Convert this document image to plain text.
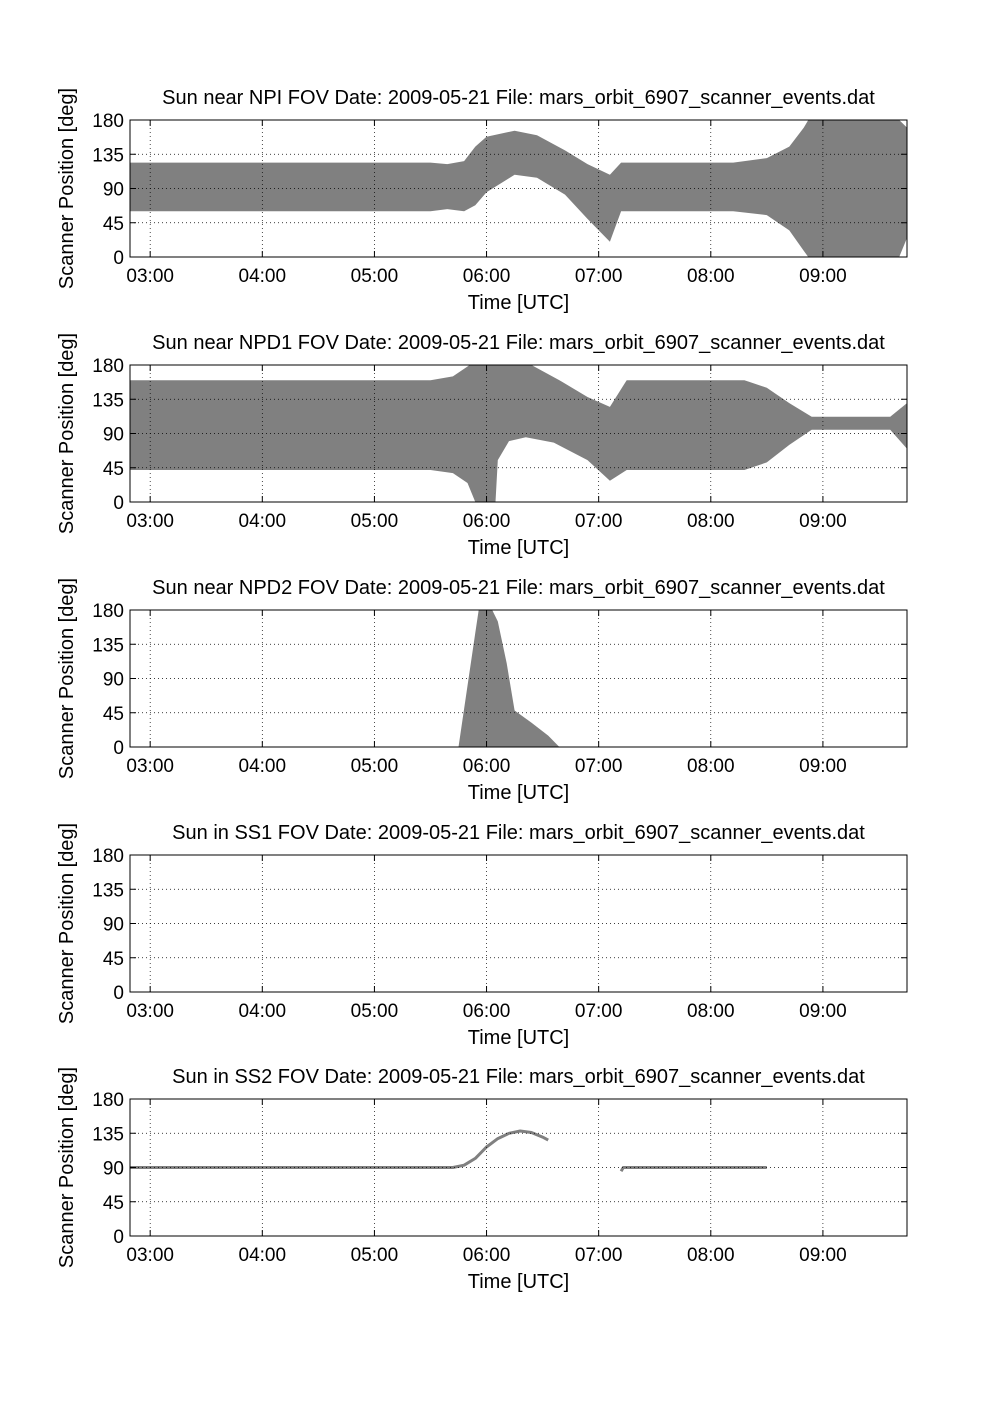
03:00	04:00	05:00	06:00	07:00	08:00	09:00
0
45
90
135
180
Sun near NPI FOV Date: 2009-05-21 File: mars_orbit_6907_scanner_events.dat
Time [UTC]
Scanner Position [deg]
03:00	04:00	05:00	06:00	07:00	08:00	09:00
0
45
90
135
180
Sun near NPD1 FOV Date: 2009-05-21 File: mars_orbit_6907_scanner_events.dat
Time [UTC]
Scanner Position [deg]
03:00	04:00	05:00	06:00	07:00	08:00	09:00
0
45
90
135
180
Sun near NPD2 FOV Date: 2009-05-21 File: mars_orbit_6907_scanner_events.dat
Time [UTC]
Scanner Position [deg]
03:00	04:00	05:00	06:00	07:00	08:00	09:00
0
45
90
135
180
Sun in SS1 FOV Date: 2009-05-21 File: mars_orbit_6907_scanner_events.dat
Time [UTC]
Scanner Position [deg]
03:00	04:00	05:00	06:00	07:00	08:00	09:00
0
45
90
135
180
Sun in SS2 FOV Date: 2009-05-21 File: mars_orbit_6907_scanner_events.dat
Time [UTC]
Scanner Position [deg]
